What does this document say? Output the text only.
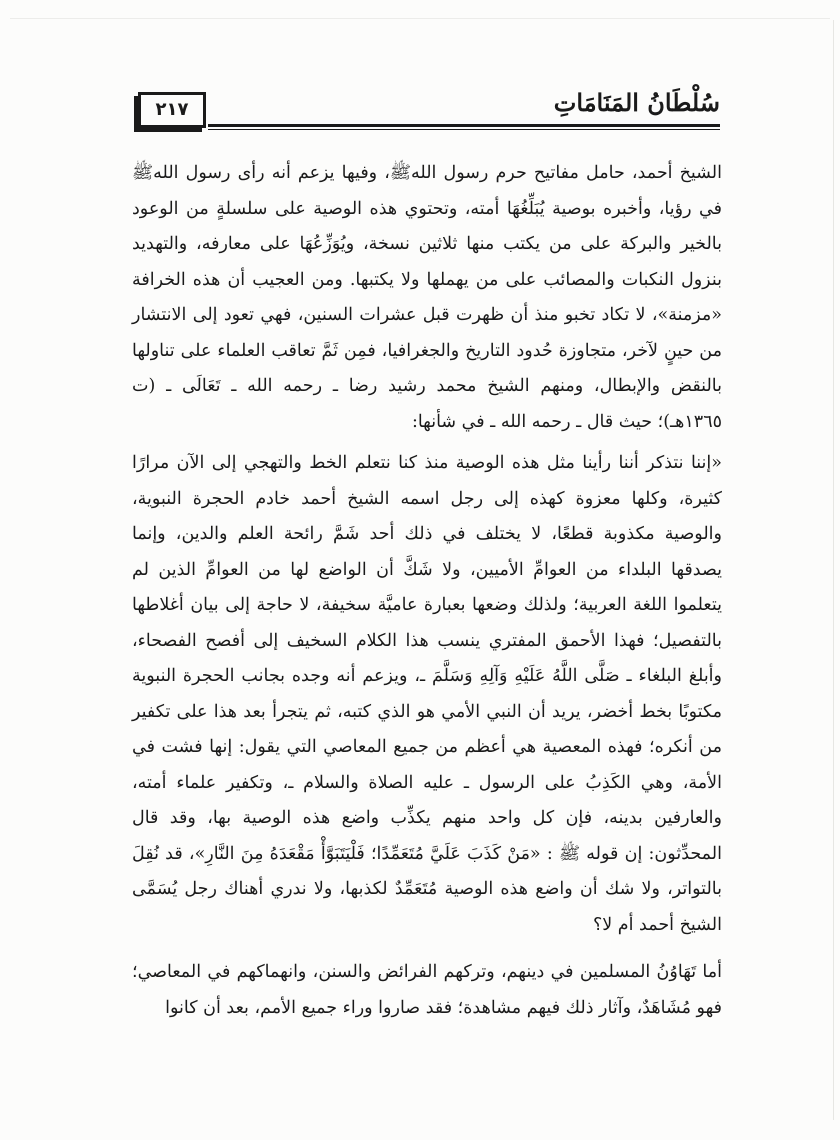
سُلْطَانُ المَنَامَاتِ
٢١٧

الشيخ أحمد، حامل مفاتيح حرم رسول اللهﷺ، وفيها يزعم أنه رأى رسول اللهﷺ في رؤيا، وأخبره بوصية يُبَلِّغُهَا أمته، وتحتوي هذه الوصية على سلسلةٍ من الوعود بالخير والبركة على من يكتب منها ثلاثين نسخة، ويُوَزِّعُهَا على معارفه، والتهديد بنزول النكبات والمصائب على من يهملها ولا يكتبها. ومن العجيب أن هذه الخرافة «مزمنة»، لا تكاد تخبو منذ أن ظهرت قبل عشرات السنين، فهي تعود إلى الانتشار من حينٍ لآخر، متجاوزة حُدود التاريخ والجغرافيا، فمِن ثَمَّ تعاقب العلماء على تناولها بالنقض والإبطال، ومنهم الشيخ محمد رشيد رضا ـ رحمه الله ـ تَعَالَى ـ (ت ١٣٦٥هـ)؛ حيث قال ـ رحمه الله ـ في شأنها:

«إننا نتذكر أننا رأينا مثل هذه الوصية منذ كنا نتعلم الخط والتهجي إلى الآن مرارًا كثيرة، وكلها معزوة كهذه إلى رجل اسمه الشيخ أحمد خادم الحجرة النبوية، والوصية مكذوبة قطعًا، لا يختلف في ذلك أحد شَمَّ رائحة العلم والدين، وإنما يصدقها البلداء من العوامِّ الأميين، ولا شَكَّ أن الواضع لها من العوامِّ الذين لم يتعلموا اللغة العربية؛ ولذلك وضعها بعبارة عاميَّة سخيفة، لا حاجة إلى بيان أغلاطها بالتفصيل؛ فهذا الأحمق المفتري ينسب هذا الكلام السخيف إلى أفصح الفصحاء، وأبلغ البلغاء ـ صَلَّى اللَّهُ عَلَيْهِ وَآلِهِ وَسَلَّمَ ـ، ويزعم أنه وجده بجانب الحجرة النبوية مكتوبًا بخط أخضر، يريد أن النبي الأمي هو الذي كتبه، ثم يتجرأ بعد هذا على تكفير من أنكره؛ فهذه المعصية هي أعظم من جميع المعاصي التي يقول: إنها فشت في الأمة، وهي الكَذِبُ على الرسول ـ عليه الصلاة والسلام ـ، وتكفير علماء أمته، والعارفين بدينه، فإن كل واحد منهم يكذِّب واضع هذه الوصية بها، وقد قال المحدِّثون: إن قوله ﷺ : «مَنْ كَذَبَ عَلَيَّ مُتَعَمِّدًا؛ فَلْيَتَبَوَّأْ مَقْعَدَهُ مِنَ النَّارِ»، قد نُقِلَ بالتواتر، ولا شك أن واضع هذه الوصية مُتَعَمِّدٌ لكذبها، ولا ندري أهناك رجل يُسَمَّى الشيخ أحمد أم لا؟

أما تَهَاوُنُ المسلمين في دينهم، وتركهم الفرائض والسنن، وانهماكهم في المعاصي؛ فهو مُشَاهَدٌ، وآثار ذلك فيهم مشاهدة؛ فقد صاروا وراء جميع الأمم، بعد أن كانوا
